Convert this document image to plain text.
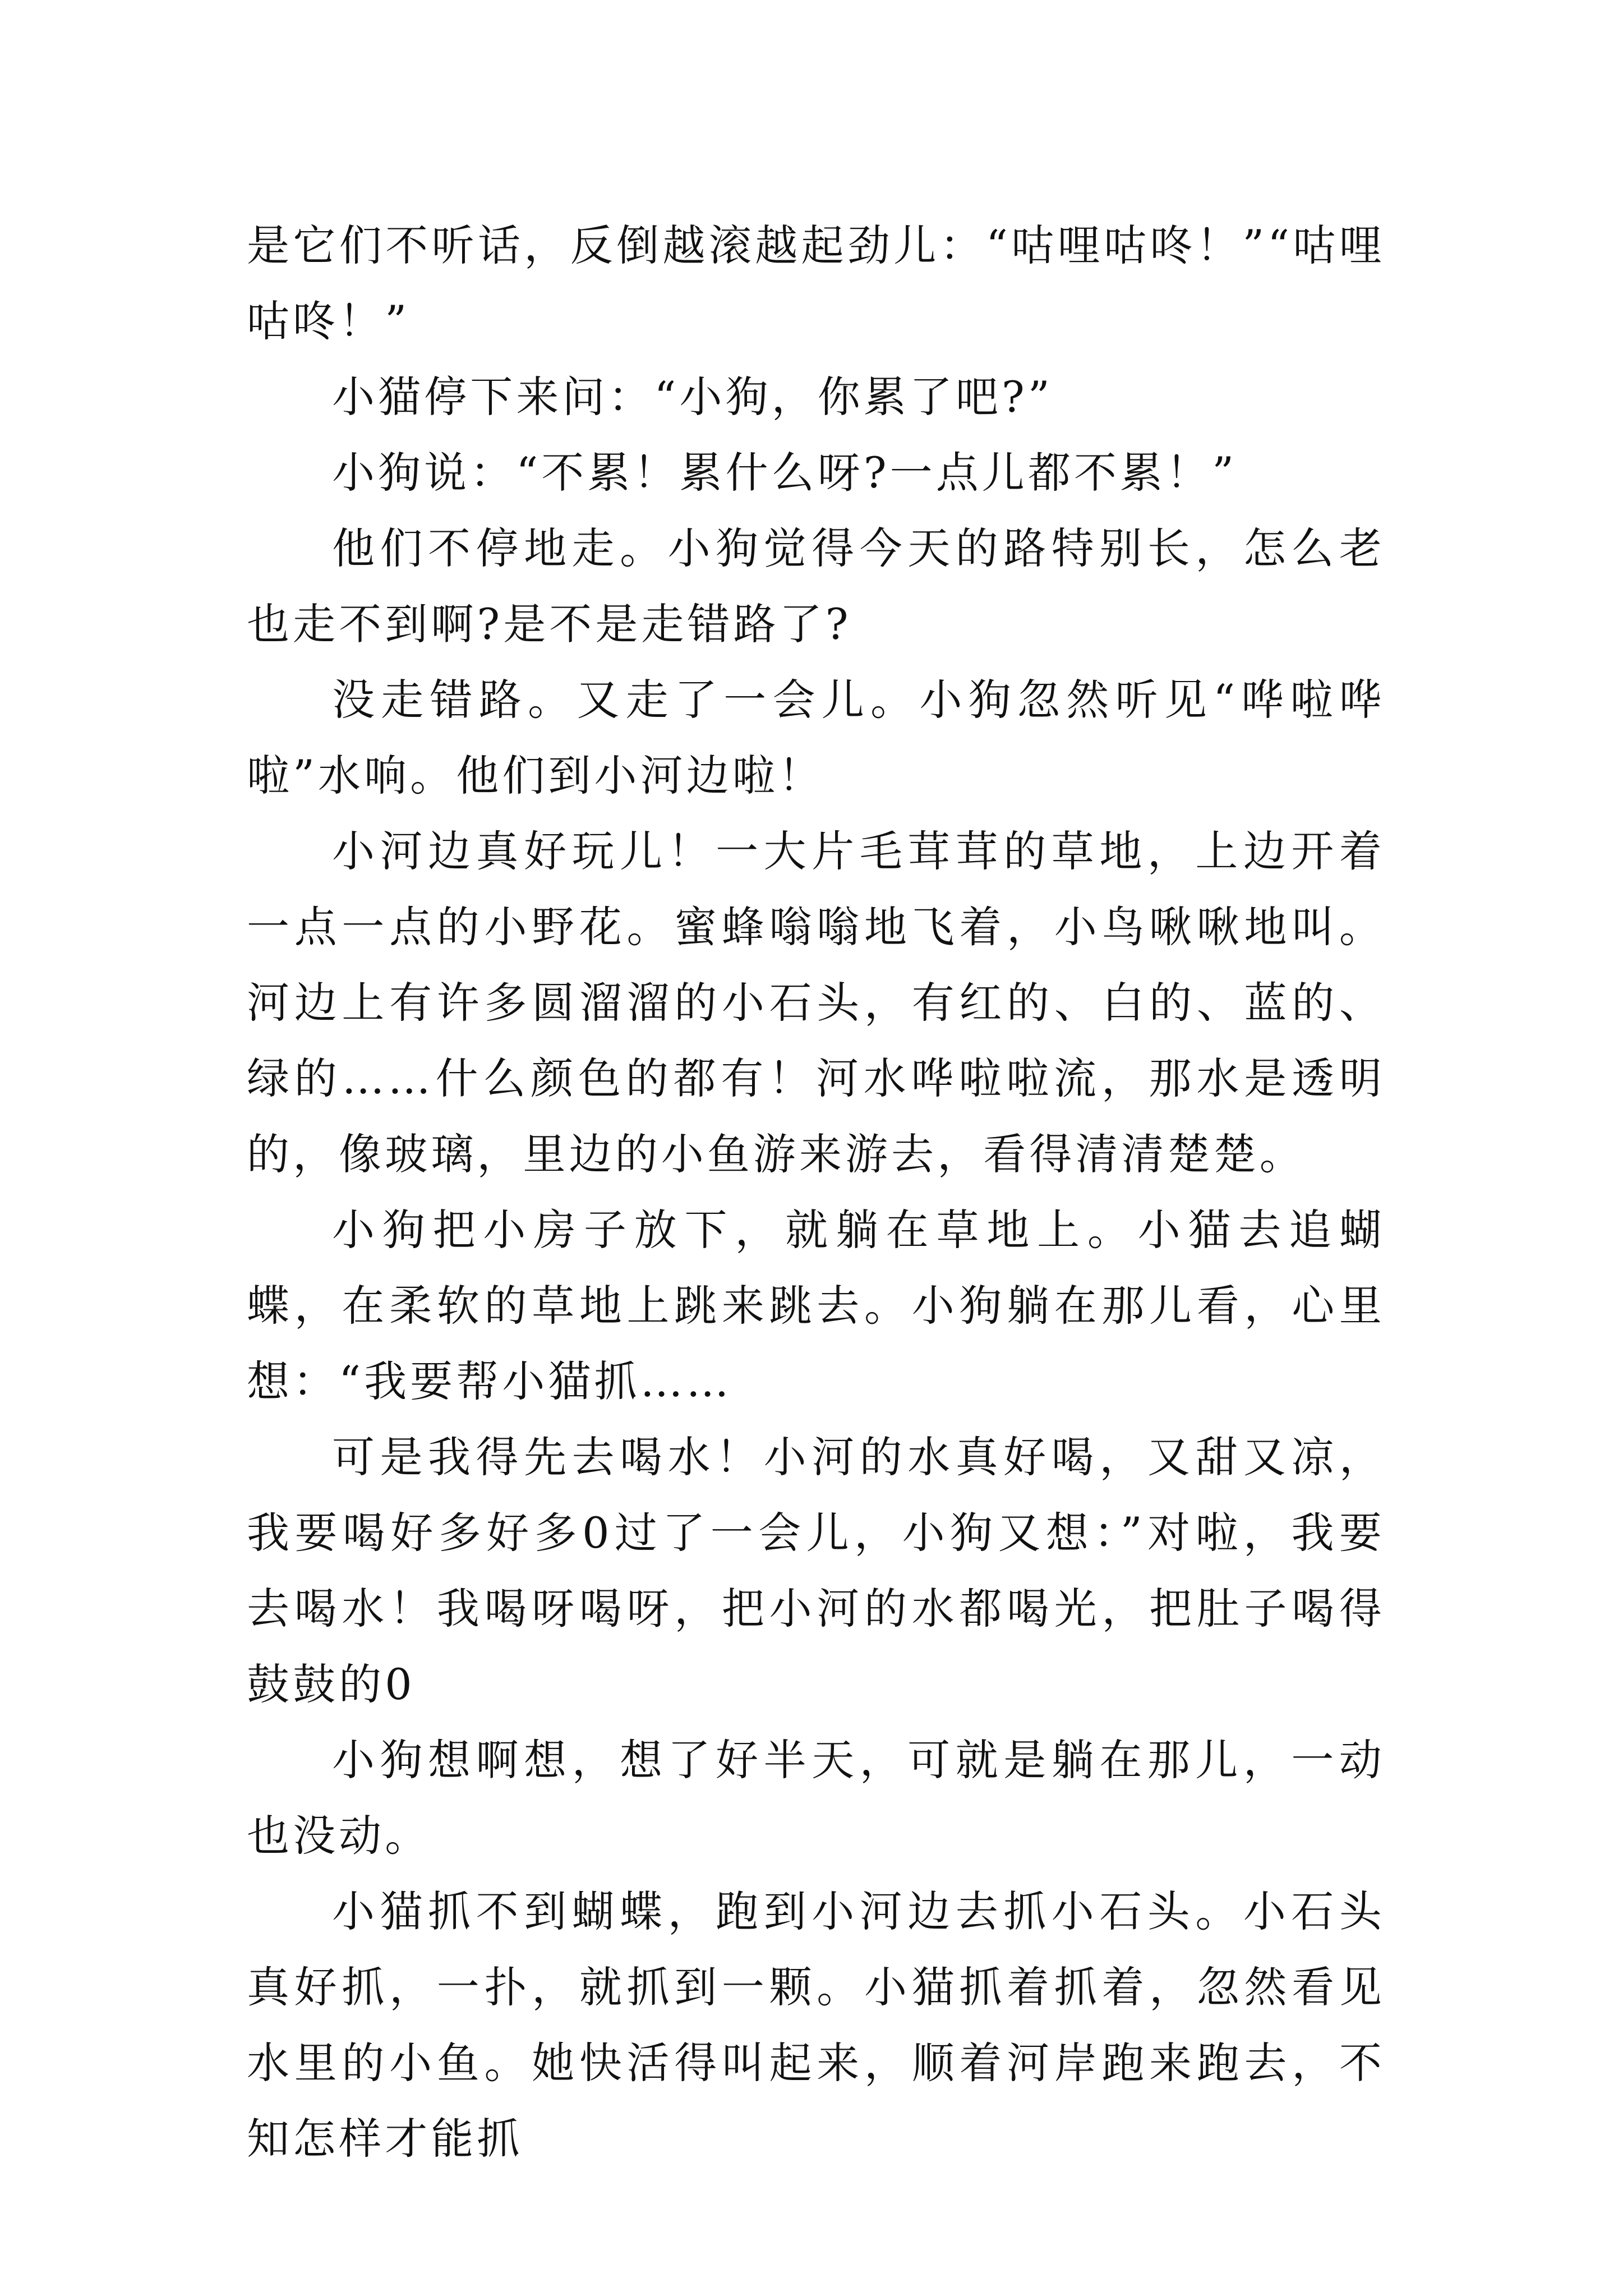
是它们不听话，反倒越滚越起劲儿：“咕哩咕咚！”“咕哩咕咚！”

小猫停下来问：“小狗，你累了吧?”

小狗说：“不累！累什么呀?一点儿都不累！”

他们不停地走。小狗觉得今天的路特别长，怎么老也走不到啊?是不是走错路了?

没走错路。又走了一会儿。小狗忽然听见“哗啦哗啦”水响。他们到小河边啦！

小河边真好玩儿！一大片毛茸茸的草地，上边开着一点一点的小野花。蜜蜂嗡嗡地飞着，小鸟啾啾地叫。河边上有许多圆溜溜的小石头，有红的、白的、蓝的、绿的……什么颜色的都有！河水哗啦啦流，那水是透明的，像玻璃，里边的小鱼游来游去，看得清清楚楚。

小狗把小房子放下，就躺在草地上。小猫去追蝴蝶，在柔软的草地上跳来跳去。小狗躺在那儿看，心里想：“我要帮小猫抓……

可是我得先去喝水！小河的水真好喝，又甜又凉，我要喝好多好多0过了一会儿，小狗又想：”对啦，我要去喝水！我喝呀喝呀，把小河的水都喝光，把肚子喝得鼓鼓的0

小狗想啊想，想了好半天，可就是躺在那儿，一动也没动。

小猫抓不到蝴蝶，跑到小河边去抓小石头。小石头真好抓，一扑，就抓到一颗。小猫抓着抓着，忽然看见水里的小鱼。她快活得叫起来，顺着河岸跑来跑去，不知怎样才能抓
